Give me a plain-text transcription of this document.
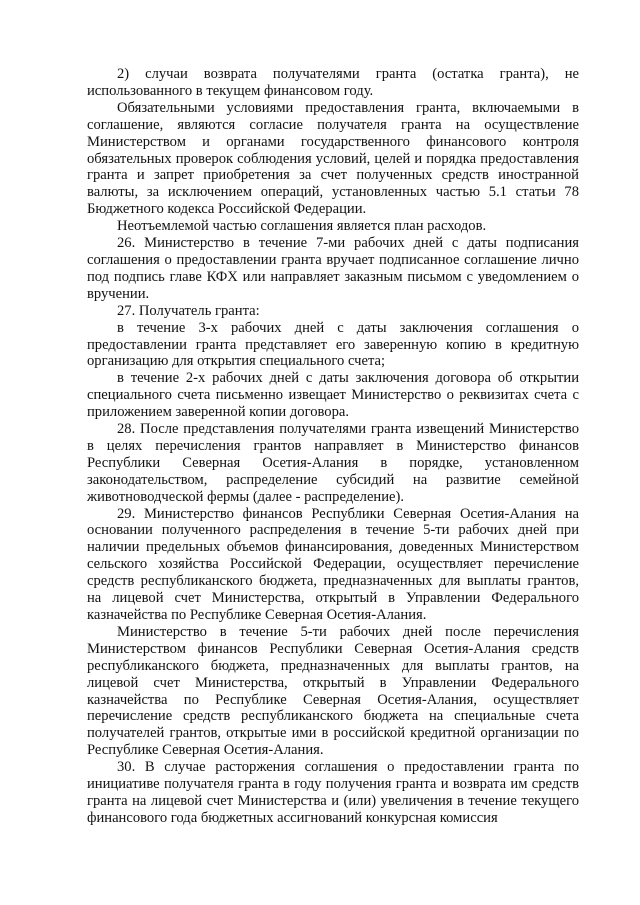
2) случаи возврата получателями гранта (остатка гранта), не использованного в текущем финансовом году.

Обязательными условиями предоставления гранта, включаемыми в соглашение, являются согласие получателя гранта на осуществление Министерством и органами государственного финансового контроля обязательных проверок соблюдения условий, целей и порядка предоставления гранта и запрет приобретения за счет полученных средств иностранной валюты, за исключением операций, установленных частью 5.1 статьи 78 Бюджетного кодекса Российской Федерации.

Неотъемлемой частью соглашения является план расходов.

26. Министерство в течение 7-ми рабочих дней с даты подписания соглашения о предоставлении гранта вручает подписанное соглашение лично под подпись главе КФХ или направляет заказным письмом с уведомлением о вручении.

27. Получатель гранта:

в течение 3-х рабочих дней с даты заключения соглашения о предоставлении гранта представляет его заверенную копию в кредитную организацию для открытия специального счета;

в течение 2-х рабочих дней с даты заключения договора об открытии специального счета письменно извещает Министерство о реквизитах счета с приложением заверенной копии договора.

28. После представления получателями гранта извещений Министерство в целях перечисления грантов направляет в Министерство финансов Республики Северная Осетия-Алания в порядке, установленном законодательством, распределение субсидий на развитие семейной животноводческой фермы (далее - распределение).

29. Министерство финансов Республики Северная Осетия-Алания на основании полученного распределения в течение 5-ти рабочих дней при наличии предельных объемов финансирования, доведенных Министерством сельского хозяйства Российской Федерации, осуществляет перечисление средств республиканского бюджета, предназначенных для выплаты грантов, на лицевой счет Министерства, открытый в Управлении Федерального казначейства по Республике Северная Осетия-Алания.

Министерство в течение 5-ти рабочих дней после перечисления Министерством финансов Республики Северная Осетия-Алания средств республиканского бюджета, предназначенных для выплаты грантов, на лицевой счет Министерства, открытый в Управлении Федерального казначейства по Республике Северная Осетия-Алания, осуществляет перечисление средств республиканского бюджета на специальные счета получателей грантов, открытые ими в российской кредитной организации по Республике Северная Осетия-Алания.

30. В случае расторжения соглашения о предоставлении гранта по инициативе получателя гранта в году получения гранта и возврата им средств гранта на лицевой счет Министерства и (или) увеличения в течение текущего финансового года бюджетных ассигнований конкурсная комиссия
